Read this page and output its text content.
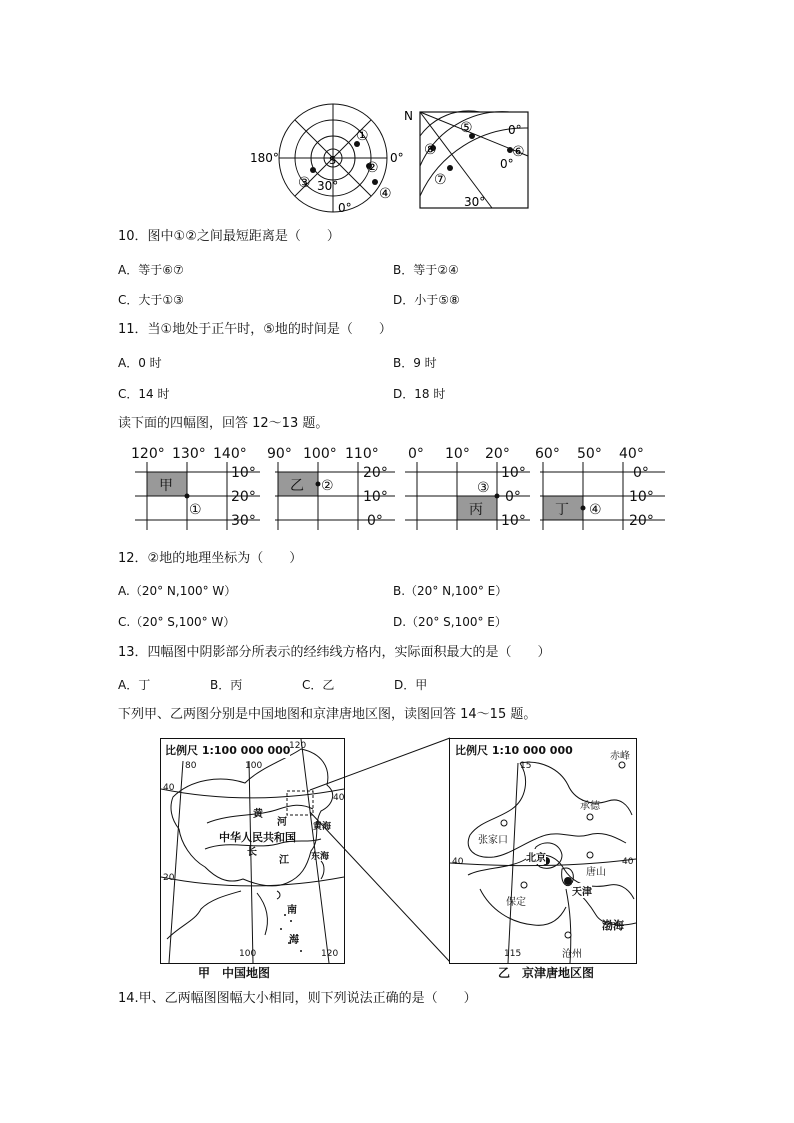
180°	0°
0°
S
30°
①
②
③
④
N
0°
0°
30°
⑤
⑥
⑦
⑧
10．图中①②之间最短距离是（　　）
A．等于⑥⑦	B．等于②④
C．大于①③	D．小于⑤⑧
11．当①地处于正午时，⑤地的时间是（　　）
A．0 时	B．9 时
C．14 时	D．18 时
读下面的四幅图，回答 12～13 题。
120° 130° 140°
10°
20°
30°
甲
①
90° 100° 110°
20°
10°
0°
乙 ②
0° 10° 20°
10°
0°
10°
丙
③
60° 50° 40°
0°
10°
20°
丁 ④
12．②地的地理坐标为（　　）
A.（20° N,100° W）	B.（20° N,100° E）
C.（20° S,100° W）	D.（20° S,100° E）
13．四幅图中阴影部分所表示的经纬线方格内，实际面积最大的是（　　）
A．丁	B．丙	C．乙	D．甲
下列甲、乙两图分别是中国地图和京津唐地区图，读图回答 14～15 题。
比例尺 1:100 000 000
120
80	100
40
40
20
100	120
黄
河	黄海
中华人民共和国
长
江 东海
南
海
甲　中国地图
比例尺 1:10 000 000
15
115
40	40
赤峰
承德
张家口
北京
唐山
天津
保定
渤海
沧州
乙　京津唐地区图
14.甲、乙两幅图图幅大小相同，则下列说法正确的是（　　）
